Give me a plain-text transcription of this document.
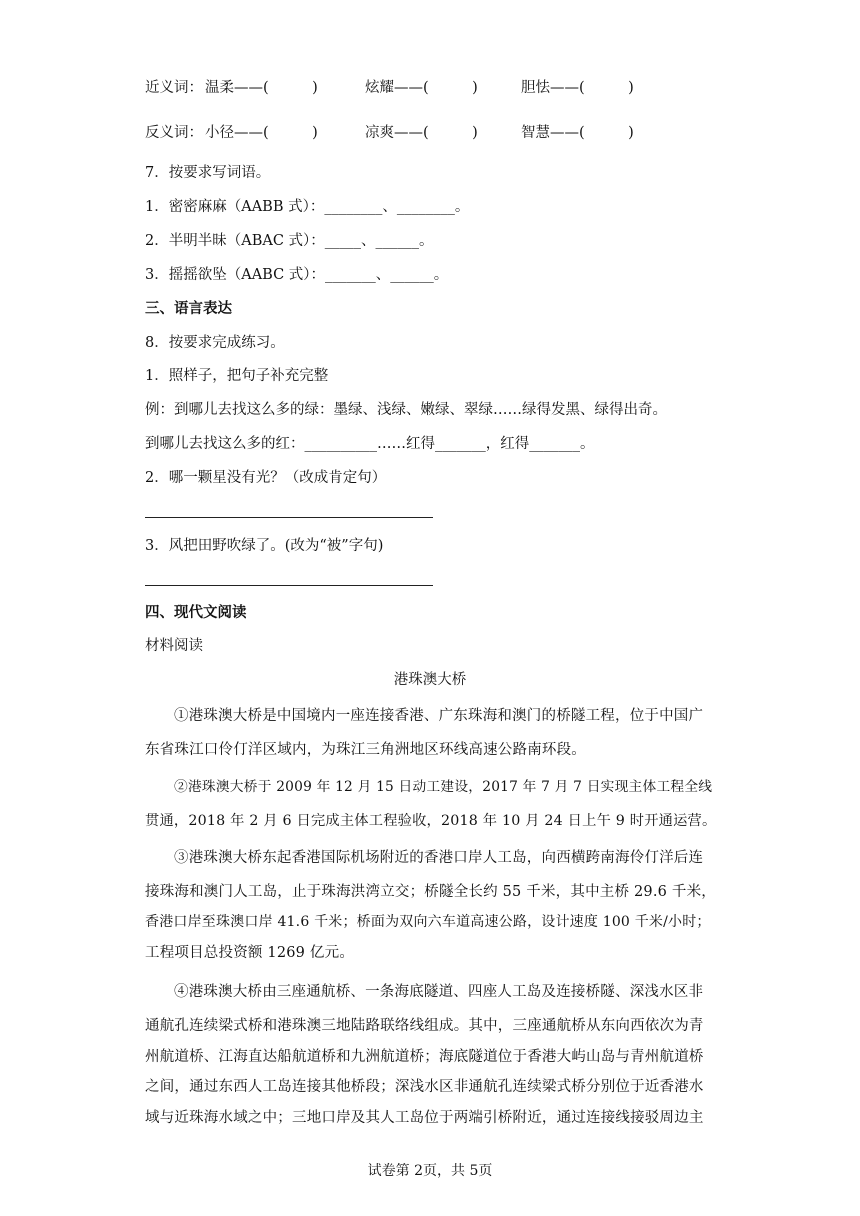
近义词： 温柔——(　　　)	炫耀——(　　　)	胆怯——(　　　)
反义词： 小径——(　　　)	凉爽——(　　　)	智慧——(　　　)
7．按要求写词语。
1．密密麻麻（AABB 式）：________、________。
2．半明半昧（ABAC 式）：_____、______。
3．摇摇欲坠（AABC 式）：_______、______。
三、语言表达
8．按要求完成练习。
1．照样子，把句子补充完整
例：到哪儿去找这么多的绿：墨绿、浅绿、嫩绿、翠绿……绿得发黑、绿得出奇。
到哪儿去找这么多的红：__________……红得_______，红得_______。
2．哪一颗星没有光？（改成肯定句）
3．风把田野吹绿了。(改为“被”字句)
四、现代文阅读
材料阅读
港珠澳大桥
①港珠澳大桥是中国境内一座连接香港、广东珠海和澳门的桥隧工程，位于中国广
东省珠江口伶仃洋区域内，为珠江三角洲地区环线高速公路南环段。
②港珠澳大桥于 2009 年 12 月 15 日动工建设，2017 年 7 月 7 日实现主体工程全线
贯通，2018 年 2 月 6 日完成主体工程验收，2018 年 10 月 24 日上午 9 时开通运营。
③港珠澳大桥东起香港国际机场附近的香港口岸人工岛，向西横跨南海伶仃洋后连
接珠海和澳门人工岛，止于珠海洪湾立交；桥隧全长约 55 千米，其中主桥 29.6 千米，
香港口岸至珠澳口岸 41.6 千米；桥面为双向六车道高速公路，设计速度 100 千米/小时；
工程项目总投资额 1269 亿元。
④港珠澳大桥由三座通航桥、一条海底隧道、四座人工岛及连接桥隧、深浅水区非
通航孔连续梁式桥和港珠澳三地陆路联络线组成。其中，三座通航桥从东向西依次为青
州航道桥、江海直达船航道桥和九洲航道桥；海底隧道位于香港大屿山岛与青州航道桥
之间，通过东西人工岛连接其他桥段；深浅水区非通航孔连续梁式桥分别位于近香港水
域与近珠海水域之中；三地口岸及其人工岛位于两端引桥附近，通过连接线接驳周边主
试卷第 2页，共 5页
